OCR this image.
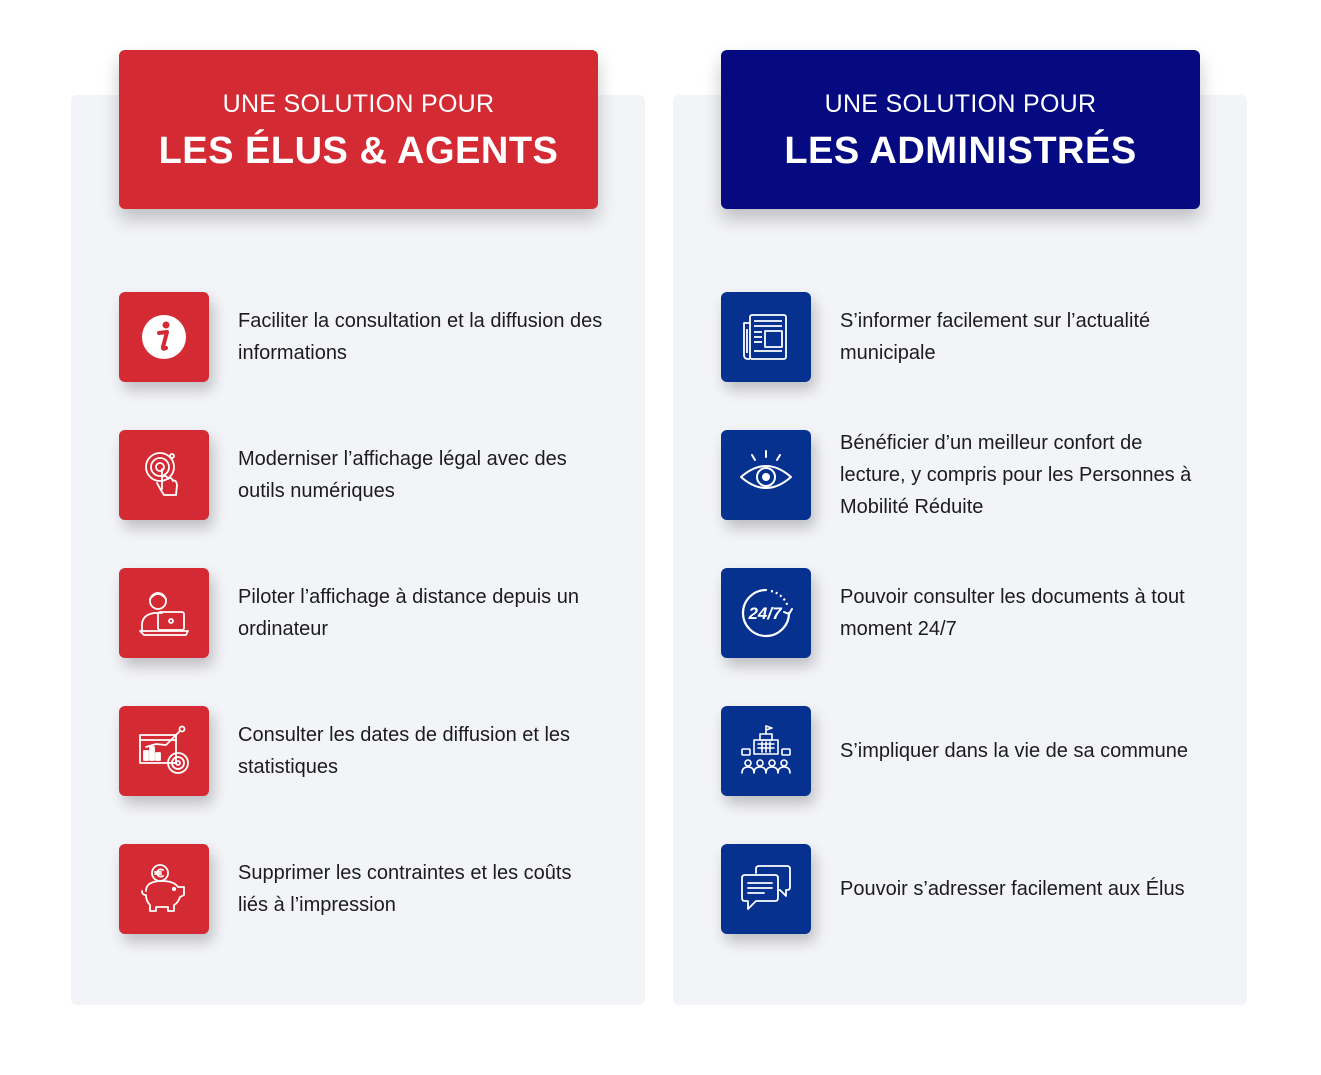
UNE SOLUTION POUR
LES ÉLUS & AGENTS
UNE SOLUTION POUR
LES ADMINISTRÉS
Faciliter la consultation et la diffusion des informations
Moderniser l’affichage légal avec des outils numériques
Piloter l’affichage à distance depuis un ordinateur
Consulter les dates de diffusion et les statistiques
Supprimer les contraintes et les coûts liés à l’impression
S’informer facilement sur l’actualité municipale
Bénéficier d’un meilleur confort de lecture, y compris pour les Personnes à Mobilité Réduite
24/7
Pouvoir consulter les documents à tout moment 24/7
S’impliquer dans la vie de sa commune
Pouvoir s’adresser facilement aux Élus
